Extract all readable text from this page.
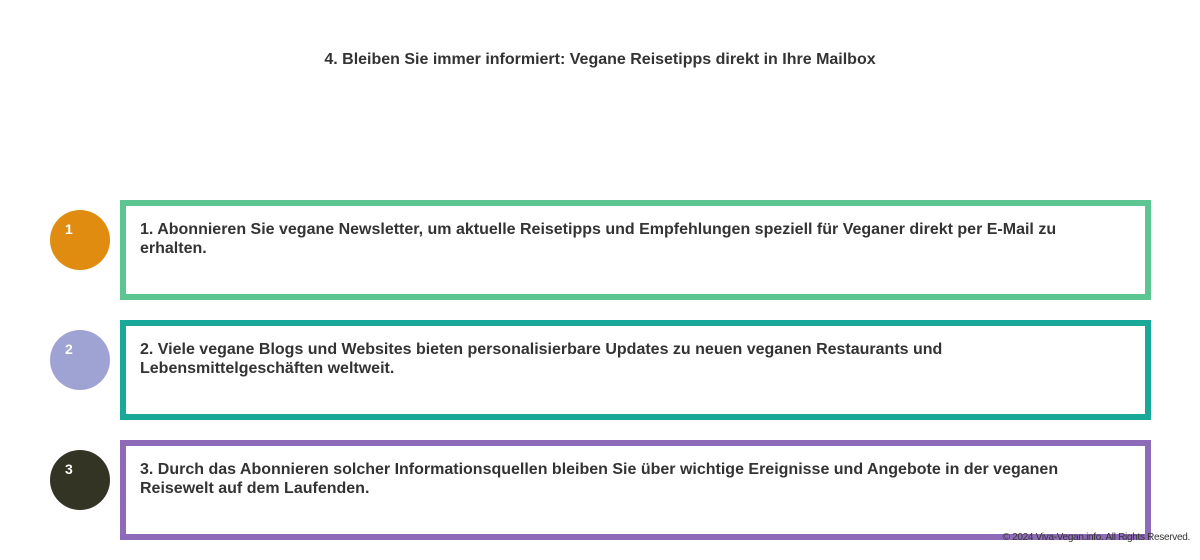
4. Bleiben Sie immer informiert: Vegane Reisetipps direkt in Ihre Mailbox
1	1. Abonnieren Sie vegane Newsletter, um aktuelle Reisetipps und Empfehlungen speziell für Veganer direkt per E-Mail zu erhalten.

2	2. Viele vegane Blogs und Websites bieten personalisierbare Updates zu neuen veganen Restaurants und Lebensmittelgeschäften weltweit.

3	3. Durch das Abonnieren solcher Informationsquellen bleiben Sie über wichtige Ereignisse und Angebote in der veganen Reisewelt auf dem Laufenden.

© 2024 Viva-Vegan.info. All Rights Reserved.
